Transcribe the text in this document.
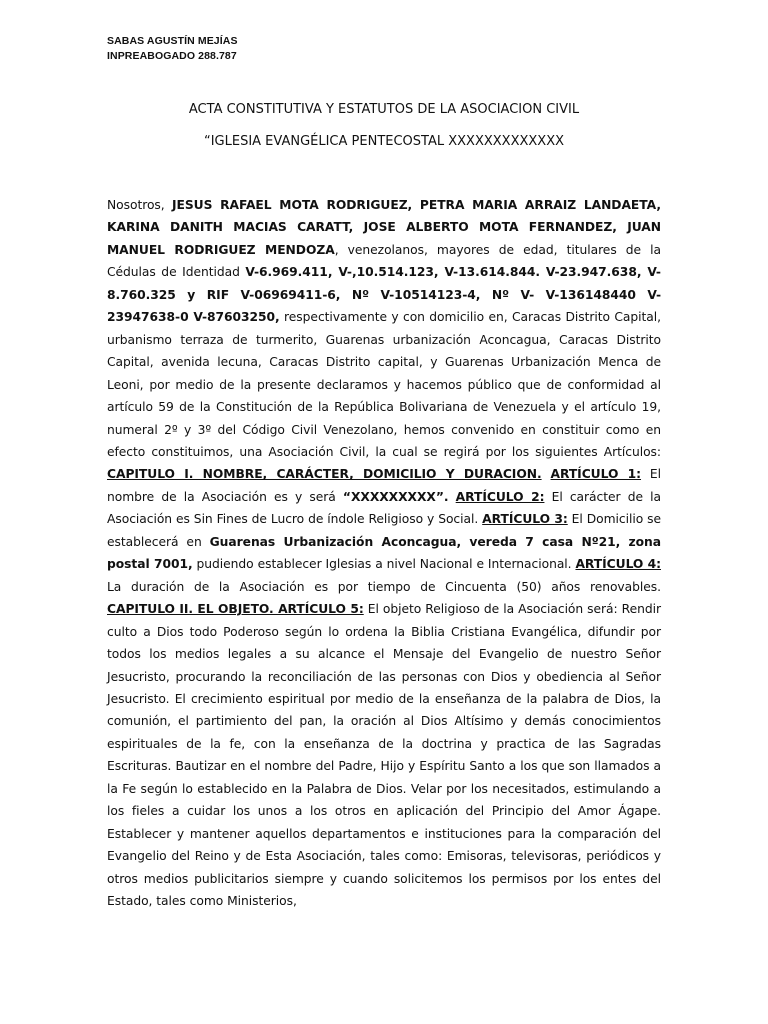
SABAS AGUSTÍN MEJÍAS
INPREABOGADO 288.787
ACTA CONSTITUTIVA Y ESTATUTOS DE LA ASOCIACION CIVIL
“IGLESIA EVANGÉLICA PENTECOSTAL XXXXXXXXXXXXX
Nosotros, JESUS RAFAEL MOTA RODRIGUEZ, PETRA MARIA ARRAIZ LANDAETA, KARINA DANITH MACIAS CARATT, JOSE ALBERTO MOTA FERNANDEZ, JUAN MANUEL RODRIGUEZ MENDOZA, venezolanos, mayores de edad, titulares de la Cédulas de Identidad V-6.969.411, V-,10.514.123, V-13.614.844. V-23.947.638, V-8.760.325 y RIF V-06969411-6, Nº V-10514123-4, Nº V- V-136148440 V- 23947638-0 V-87603250, respectivamente y con domicilio en, Caracas Distrito Capital, urbanismo terraza de turmerito, Guarenas urbanización Aconcagua, Caracas Distrito Capital, avenida lecuna, Caracas Distrito capital, y Guarenas Urbanización Menca de Leoni, por medio de la presente declaramos y hacemos público que de conformidad al artículo 59 de la Constitución de la República Bolivariana de Venezuela y el artículo 19, numeral 2º y 3º del Código Civil Venezolano, hemos convenido en constituir como en efecto constituimos, una Asociación Civil, la cual se regirá por los siguientes Artículos: CAPITULO I. NOMBRE, CARÁCTER, DOMICILIO Y DURACION. ARTÍCULO 1: El nombre de la Asociación es y será “XXXXXXXXX”. ARTÍCULO 2: El carácter de la Asociación es Sin Fines de Lucro de índole Religioso y Social. ARTÍCULO 3: El Domicilio se establecerá en Guarenas Urbanización Aconcagua, vereda 7 casa Nº21, zona postal 7001, pudiendo establecer Iglesias a nivel Nacional e Internacional. ARTÍCULO 4: La duración de la Asociación es por tiempo de Cincuenta (50) años renovables. CAPITULO II. EL OBJETO. ARTÍCULO 5: El objeto Religioso de la Asociación será: Rendir culto a Dios todo Poderoso según lo ordena la Biblia Cristiana Evangélica, difundir por todos los medios legales a su alcance el Mensaje del Evangelio de nuestro Señor Jesucristo, procurando la reconciliación de las personas con Dios y obediencia al Señor Jesucristo. El crecimiento espiritual por medio de la enseñanza de la palabra de Dios, la comunión, el partimiento del pan, la oración al Dios Altísimo y demás conocimientos espirituales de la fe, con la enseñanza de la doctrina y practica de las Sagradas Escrituras. Bautizar en el nombre del Padre, Hijo y Espíritu Santo a los que son llamados a la Fe según lo establecido en la Palabra de Dios. Velar por los necesitados, estimulando a los fieles a cuidar los unos a los otros en aplicación del Principio del Amor Ágape. Establecer y mantener aquellos departamentos e instituciones para la comparación del Evangelio del Reino y de Esta Asociación, tales como: Emisoras, televisoras, periódicos y otros medios publicitarios siempre y cuando solicitemos los permisos por los entes del Estado, tales como Ministerios,
